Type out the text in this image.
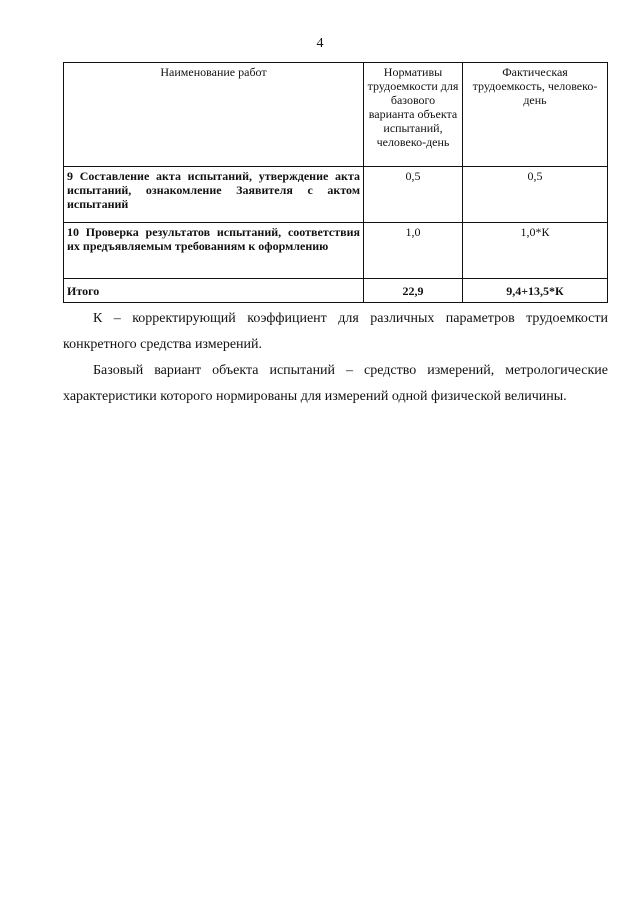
4
Наименование работ	Нормативы трудоемкости для базового варианта объекта испытаний, человеко-день	Фактическая трудоемкость, человеко-день
9 Составление акта испытаний, утверждение акта испытаний, ознакомление Заявителя с актом испытаний	0,5	0,5
10 Проверка результатов испытаний, соответствия их предъявляемым требованиям к оформлению	1,0	1,0*К
Итого	22,9	9,4+13,5*К

К – корректирующий коэффициент для различных параметров трудоемкости конкретного средства измерений.

Базовый вариант объекта испытаний – средство измерений, метрологические характеристики которого нормированы для измерений одной физической величины.
